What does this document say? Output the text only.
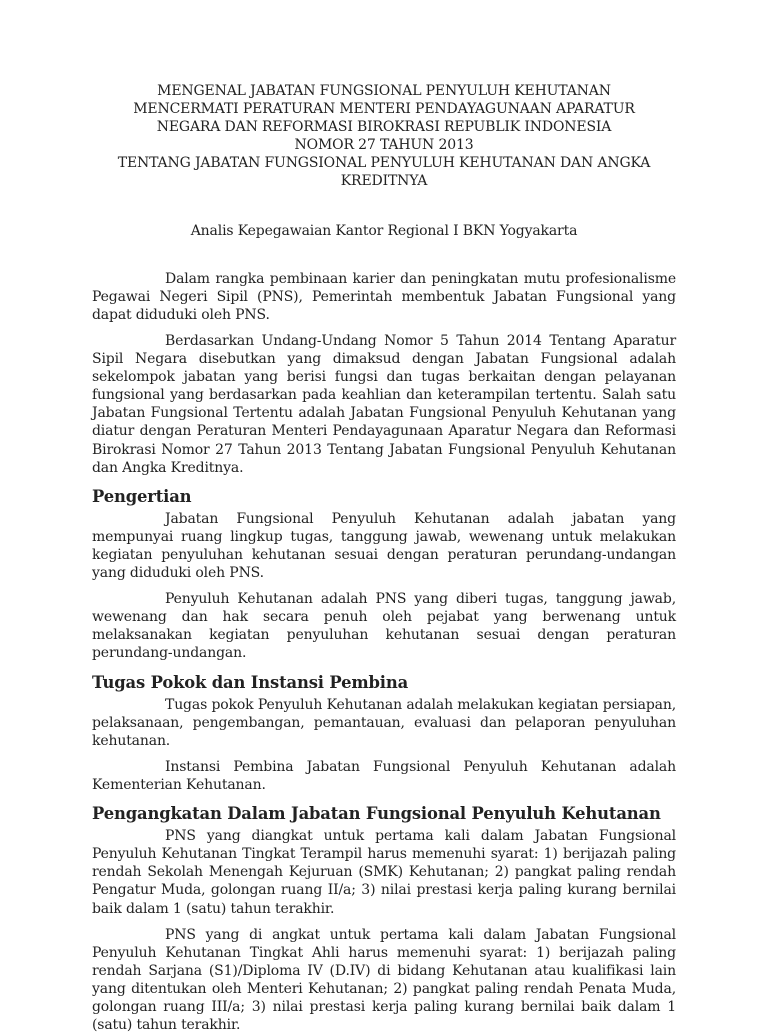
MENGENAL JABATAN FUNGSIONAL PENYULUH KEHUTANAN
MENCERMATI PERATURAN MENTERI PENDAYAGUNAAN APARATUR
NEGARA DAN REFORMASI BIROKRASI REPUBLIK INDONESIA
NOMOR 27 TAHUN 2013
TENTANG JABATAN FUNGSIONAL PENYULUH KEHUTANAN DAN ANGKA KREDITNYA

Analis Kepegawaian Kantor Regional I BKN Yogyakarta

Dalam rangka pembinaan karier dan peningkatan mutu profesionalisme Pegawai Negeri Sipil (PNS), Pemerintah membentuk Jabatan Fungsional yang dapat diduduki oleh PNS.

Berdasarkan Undang-Undang Nomor 5 Tahun 2014 Tentang Aparatur Sipil Negara disebutkan yang dimaksud dengan Jabatan Fungsional adalah sekelompok jabatan yang berisi fungsi dan tugas berkaitan dengan pelayanan fungsional yang berdasarkan pada keahlian dan keterampilan tertentu. Salah satu Jabatan Fungsional Tertentu adalah Jabatan Fungsional Penyuluh Kehutanan yang diatur dengan Peraturan Menteri Pendayagunaan Aparatur Negara dan Reformasi Birokrasi Nomor 27 Tahun 2013 Tentang Jabatan Fungsional Penyuluh Kehutanan dan Angka Kreditnya.

Pengertian

Jabatan Fungsional Penyuluh Kehutanan adalah jabatan yang mempunyai ruang lingkup tugas, tanggung jawab, wewenang untuk melakukan kegiatan penyuluhan kehutanan sesuai dengan peraturan perundang-undangan yang diduduki oleh PNS.

Penyuluh Kehutanan adalah PNS yang diberi tugas, tanggung jawab, wewenang dan hak secara penuh oleh pejabat yang berwenang untuk melaksanakan kegiatan penyuluhan kehutanan sesuai dengan peraturan perundang-undangan.

Tugas Pokok dan Instansi Pembina

Tugas pokok Penyuluh Kehutanan adalah melakukan kegiatan persiapan, pelaksanaan, pengembangan, pemantauan, evaluasi dan pelaporan penyuluhan kehutanan.

Instansi Pembina Jabatan Fungsional Penyuluh Kehutanan adalah Kementerian Kehutanan.

Pengangkatan Dalam Jabatan Fungsional Penyuluh Kehutanan

PNS yang diangkat untuk pertama kali dalam Jabatan Fungsional Penyuluh Kehutanan Tingkat Terampil harus memenuhi syarat: 1) berijazah paling rendah Sekolah Menengah Kejuruan (SMK) Kehutanan; 2) pangkat paling rendah Pengatur Muda, golongan ruang II/a; 3) nilai prestasi kerja paling kurang bernilai baik dalam 1 (satu) tahun terakhir.

PNS yang di angkat untuk pertama kali dalam Jabatan Fungsional Penyuluh Kehutanan Tingkat Ahli harus memenuhi syarat: 1) berijazah paling rendah Sarjana (S1)/Diploma IV (D.IV) di bidang Kehutanan atau kualifikasi lain yang ditentukan oleh Menteri Kehutanan; 2) pangkat paling rendah Penata Muda, golongan ruang III/a; 3) nilai prestasi kerja paling kurang bernilai baik dalam 1 (satu) tahun terakhir.
